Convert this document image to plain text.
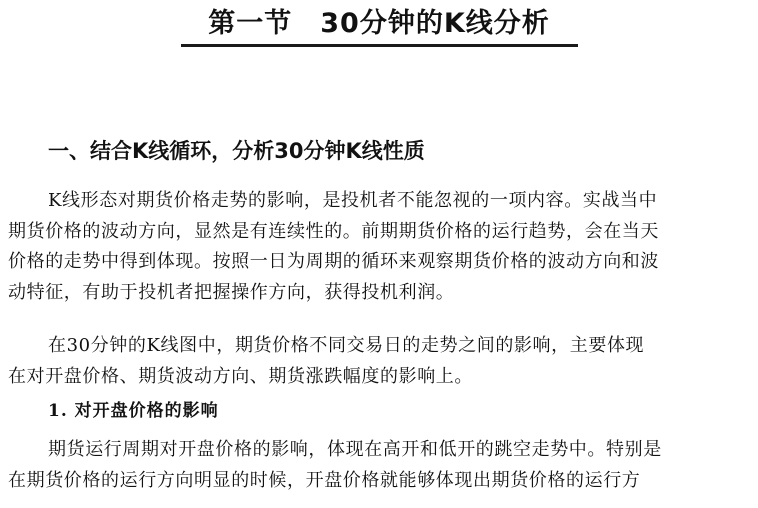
第一节　30分钟的K线分析
一、结合K线循环，分析30分钟K线性质

K线形态对期货价格走势的影响，是投机者不能忽视的一项内容。实战当中
期货价格的波动方向，显然是有连续性的。前期期货价格的运行趋势，会在当天
价格的走势中得到体现。按照一日为周期的循环来观察期货价格的波动方向和波
动特征，有助于投机者把握操作方向，获得投机利润。

在30分钟的K线图中，期货价格不同交易日的走势之间的影响，主要体现
在对开盘价格、期货波动方向、期货涨跌幅度的影响上。

1. 对开盘价格的影响

期货运行周期对开盘价格的影响，体现在高开和低开的跳空走势中。特别是
在期货价格的运行方向明显的时候，开盘价格就能够体现出期货价格的运行方
